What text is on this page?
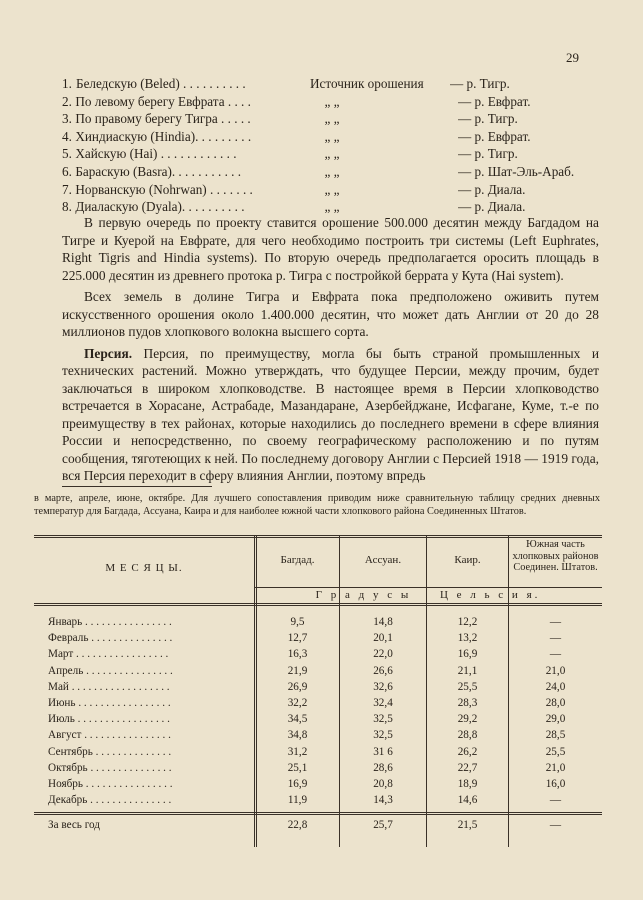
29
1. Беледскую (Beled) . . . . . . . . . .	Источник орошения	— р. Тигр.
2. По левому берегу Евфрата . . . .	„ „	— р. Евфрат.
3. По правому берегу Тигра . . . . .	„ „	— р. Тигр.
4. Хиндиаскую (Hindia). . . . . . . . .	„ „	— р. Евфрат.
5. Хайскую (Hai) . . . . . . . . . . . .	„ „	— р. Тигр.
6. Бараскую (Basra). . . . . . . . . . .	„ „	— р. Шат-Эль-Араб.
7. Норванскую (Nohrwan) . . . . . . .	„ „	— р. Диала.
8. Диаласкую (Dyala). . . . . . . . . .	„ „	— р. Диала.

В первую очередь по проекту ставится орошение 500.000 десятин между Багдадом на Тигре и Куерой на Евфрате, для чего необходимо построить три системы (Left Euphrates, Right Tigris and Hindia systems). По вторую очередь предполагается оросить площадь в 225.000 десятин из древнего протока р. Тигра с постройкой беррата у Кута (Hai system).

Всех земель в долине Тигра и Евфрата пока предположено оживить путем искусственного орошения около 1.400.000 десятин, что может дать Англии от 20 до 28 миллионов пудов хлопкового волокна высшего сорта.

Персия. Персия, по преимуществу, могла бы быть страной промышленных и технических растений. Можно утверждать, что будущее Персии, между прочим, будет заключаться в широком хлопководстве. В настоящее время в Персии хлопководство встречается в Хорасане, Астрабаде, Мазандаране, Азербейджане, Исфагане, Куме, т.-е по преимуществу в тех районах, которые находились до последнего времени в сфере влияния России и непосредственно, по своему географическому расположению и по путям сообщения, тяготеющих к ней. По последнему договору Англии с Персией 1918 — 1919 года, вся Персия переходит в сферу влияния Англии, поэтому впредь

в марте, апреле, июне, октябре. Для лучшего сопоставления приводим ниже сравнительную таблицу средних дневных температур для Багдада, Ассуана, Каира и для наиболее южной части хлопкового района Соединенных Штатов.
М Е С Я Ц Ы.
Багдад.	Ассуан.	Каир.
Южная часть хлопковых районов Соединен. Штатов.
Г р а д у с ы     Ц е л ь с и я.
Январь . . . . . . . . . . . . . . . .	9,5	14,8	12,2	—
Февраль . . . . . . . . . . . . . . .	12,7	20,1	13,2	—
Март . . . . . . . . . . . . . . . . .	16,3	22,0	16,9	—
Апрель . . . . . . . . . . . . . . . .	21,9	26,6	21,1	21,0
Май . . . . . . . . . . . . . . . . . .	26,9	32,6	25,5	24,0
Июнь . . . . . . . . . . . . . . . . .	32,2	32,4	28,3	28,0
Июль . . . . . . . . . . . . . . . . .	34,5	32,5	29,2	29,0
Август . . . . . . . . . . . . . . . .	34,8	32,5	28,8	28,5
Сентябрь . . . . . . . . . . . . . .	31,2	31 6	26,2	25,5
Октябрь . . . . . . . . . . . . . . .	25,1	28,6	22,7	21,0
Ноябрь . . . . . . . . . . . . . . . .	16,9	20,8	18,9	16,0
Декабрь . . . . . . . . . . . . . . .	11,9	14,3	14,6	—
За весь год	22,8	25,7	21,5	—
